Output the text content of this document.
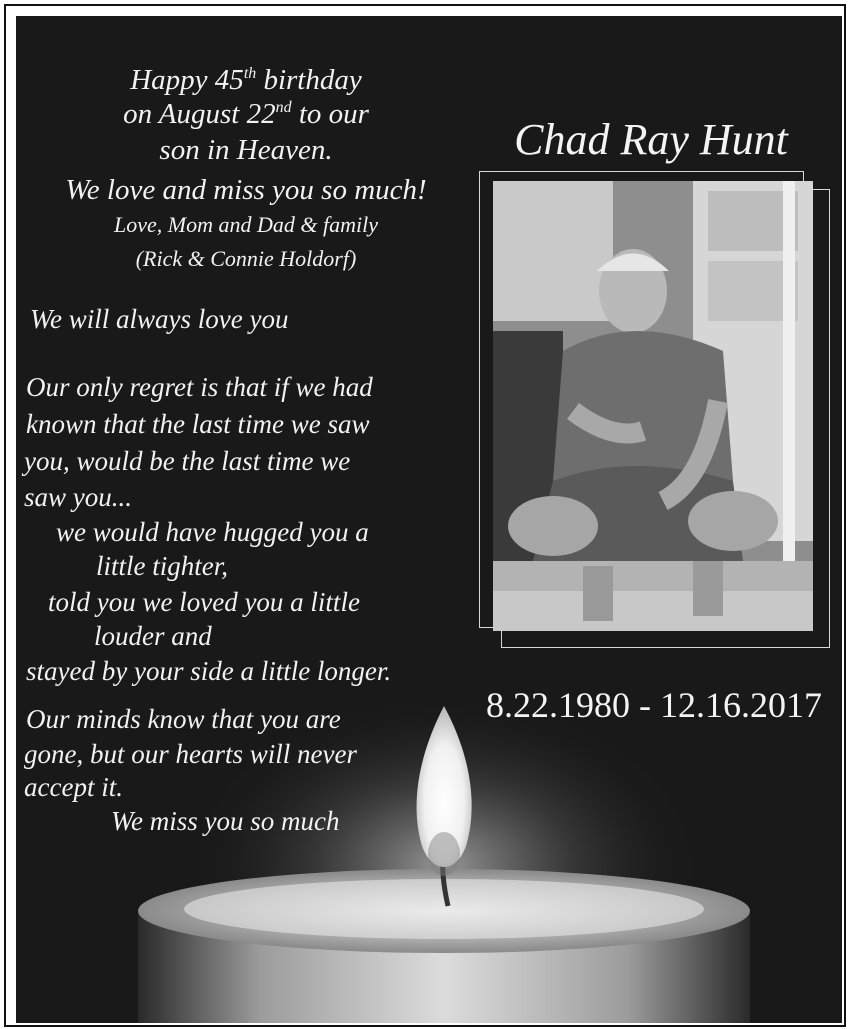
Happy 45th birthday
on August 22nd to our
son in Heaven.
We love and miss you so much!
Love, Mom and Dad & family
(Rick & Connie Holdorf)
We will always love you
Our only regret is that if we had
known that the last time we saw
you, would be the last time we
saw you...
we would have hugged you a
little tighter,
told you we loved you a little
louder and
stayed by your side a little longer.
Our minds know that you are
gone, but our hearts will never
accept it.
We miss you so much
Chad Ray Hunt
8.22.1980 - 12.16.2017
